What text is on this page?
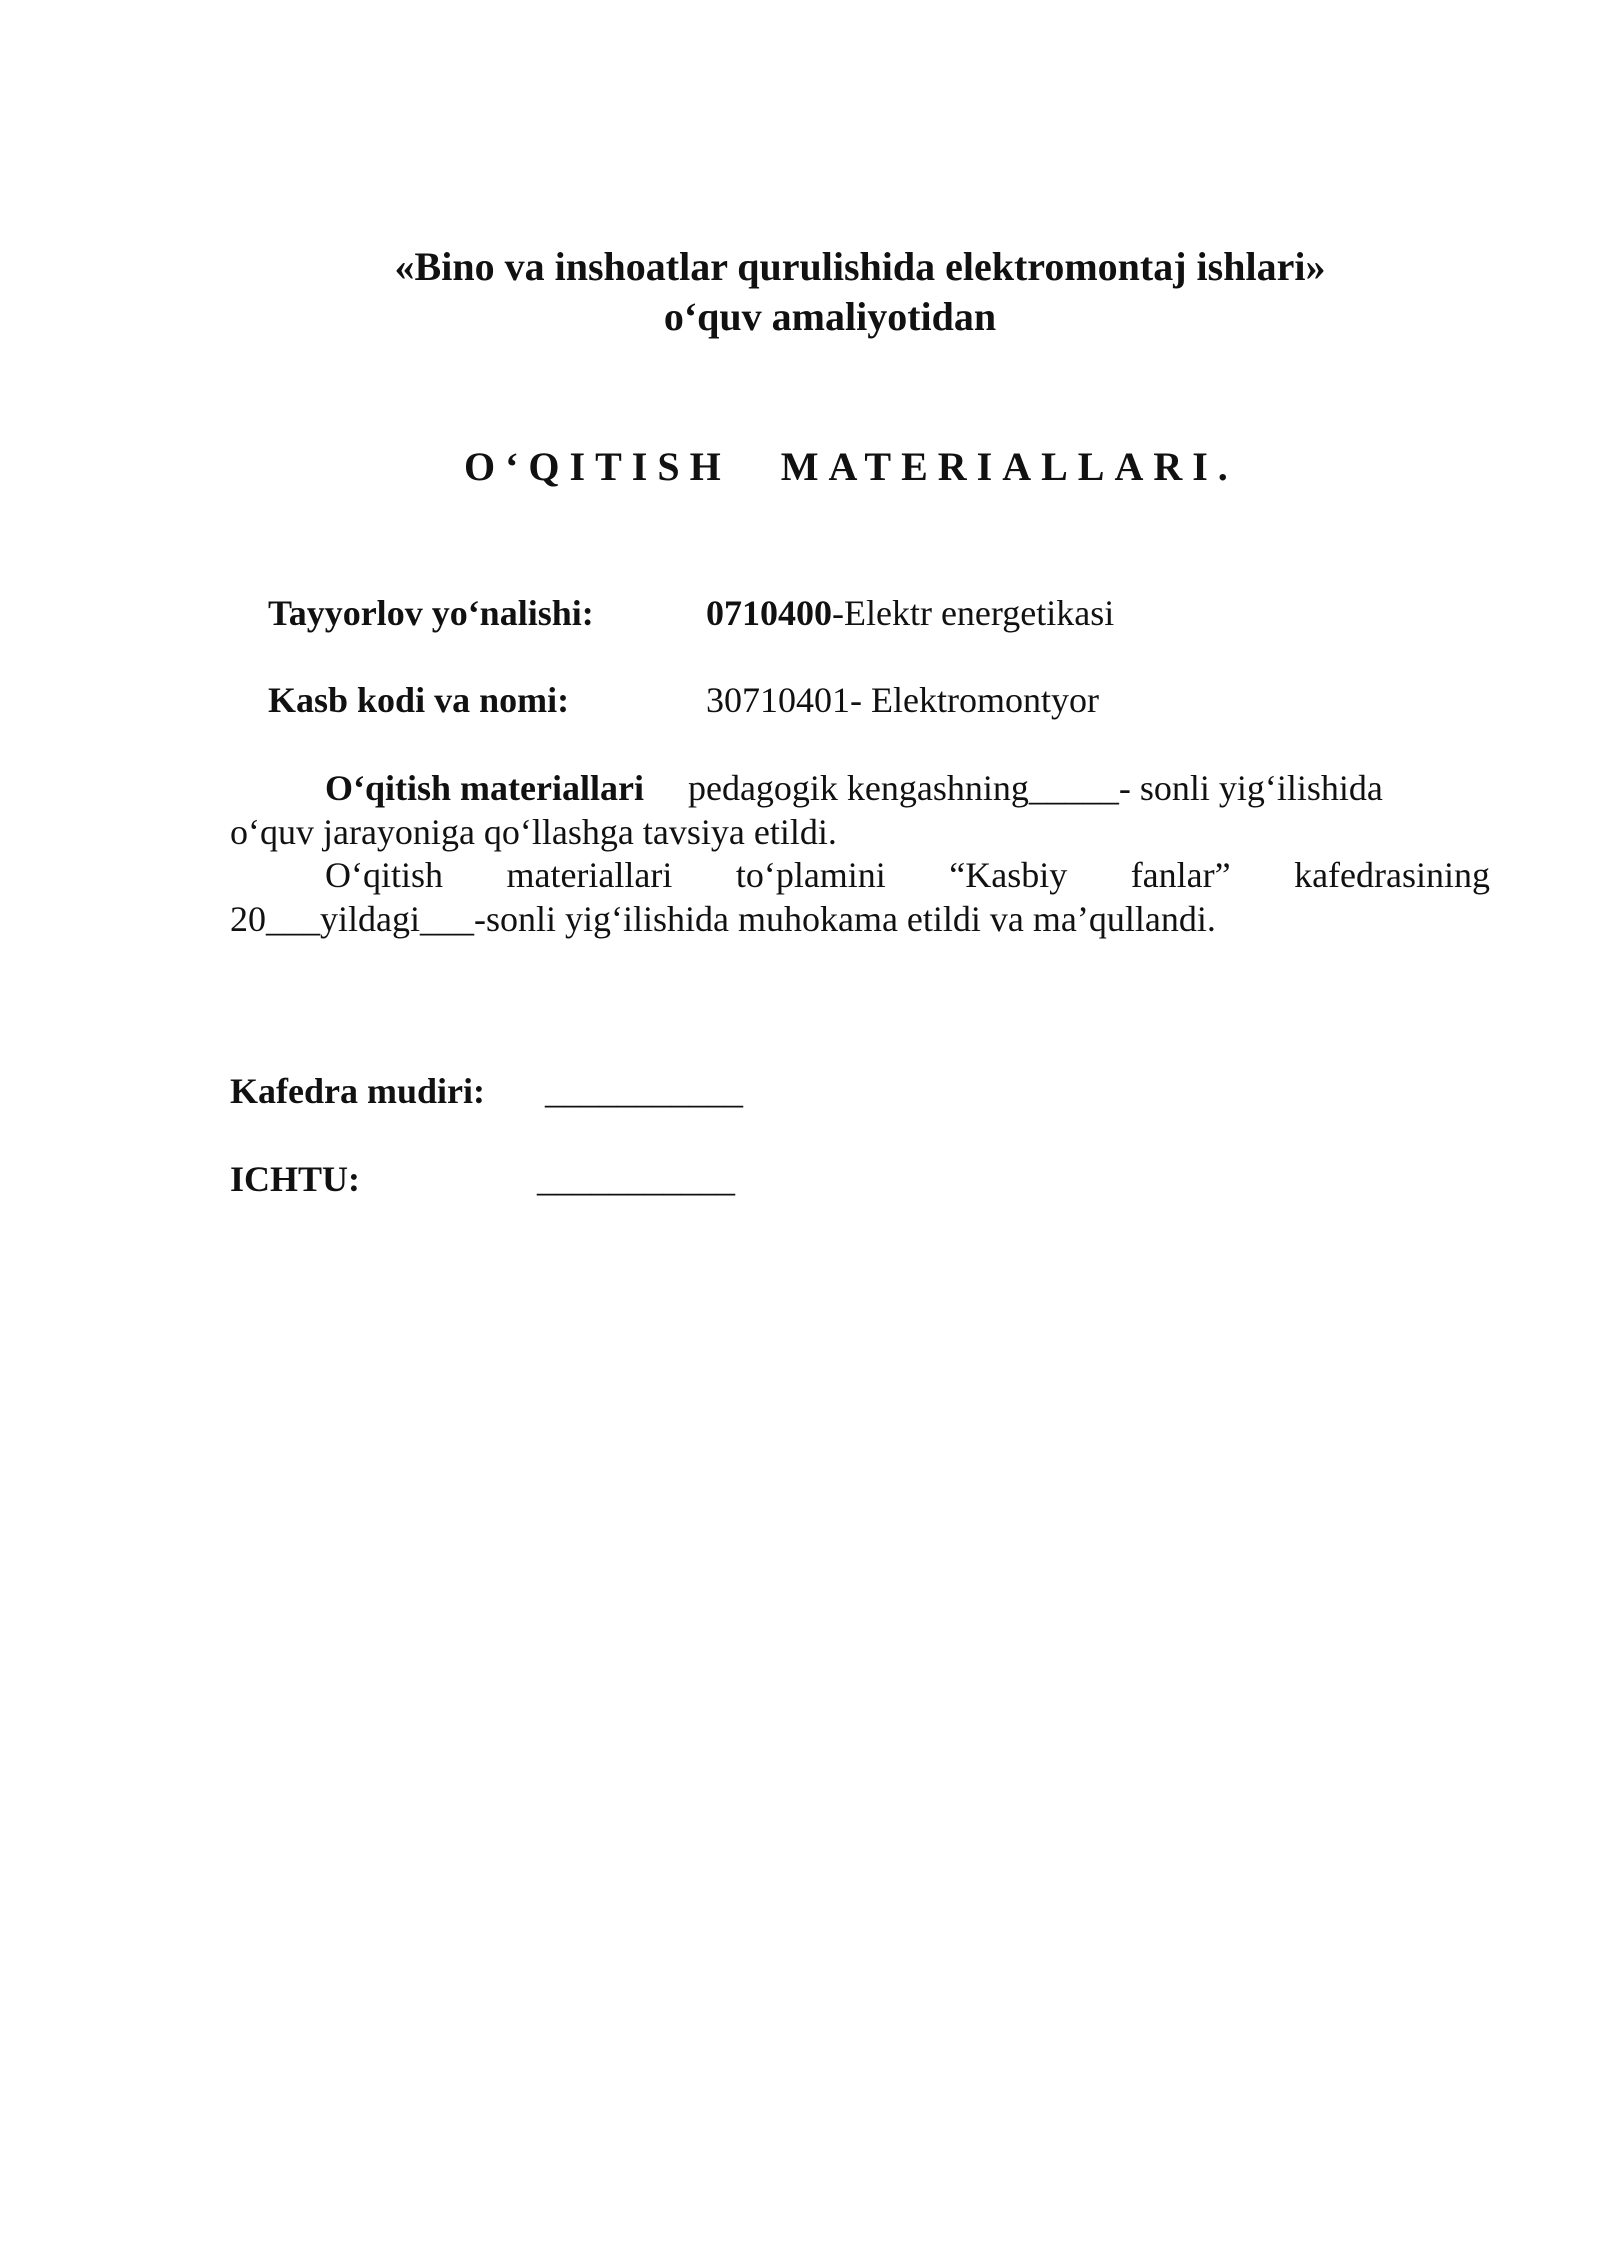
«Bino va inshoatlar qurulishida elektromontaj ishlari»
o‘quv amaliyotidan
O‘QITISH MATERIALLARI.
Tayyorlov yo‘nalishi:	0710400-Elektr energetikasi
Kasb kodi va nomi:	30710401- Elektromontyor
O‘qitish materiallari pedagogik kengashning_____- sonli yig‘ilishida
o‘quv jarayoniga qo‘llashga tavsiya etildi.
O‘qitish materiallari to‘plamini “Kasbiy fanlar” kafedrasining
20___yildagi___-sonli yig‘ilishida muhokama etildi va ma’qullandi.
Kafedra mudiri: ___________
ICHTU:	___________
